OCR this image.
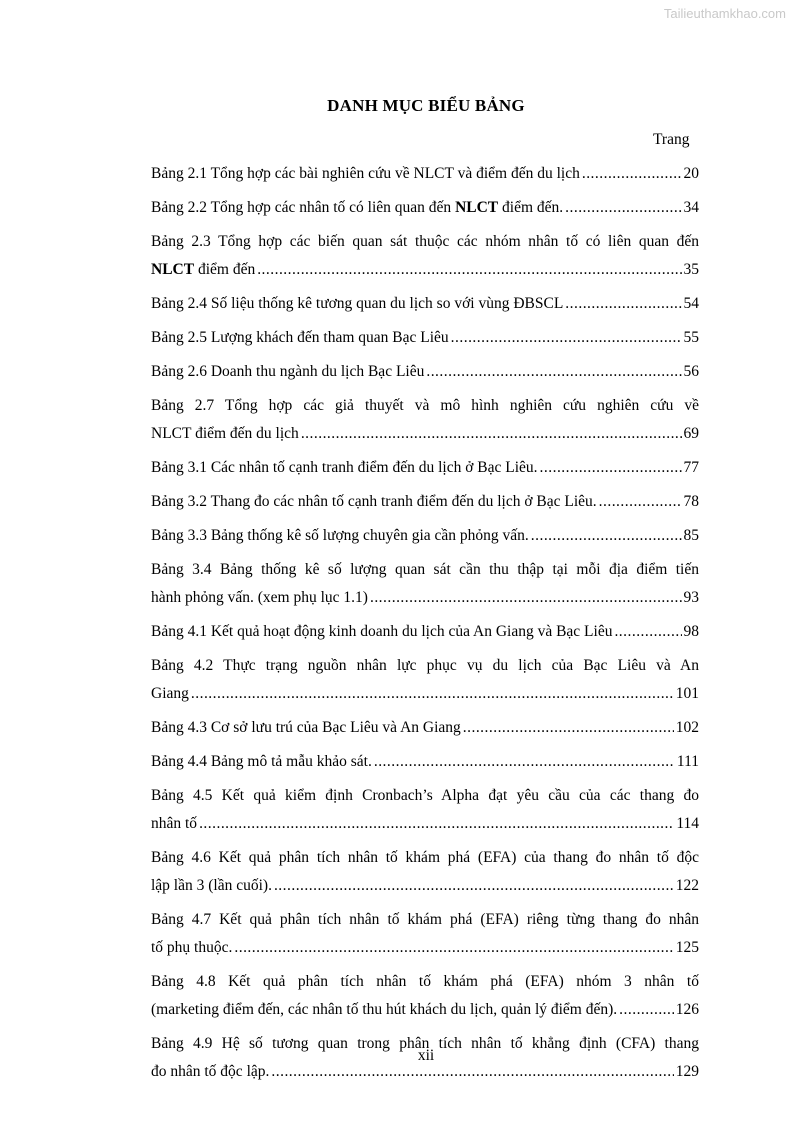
Tailieuthamkhao.com
DANH MỤC BIỂU BẢNG
Trang
Bảng 2.1 Tổng hợp các bài nghiên cứu về NLCT và điểm đến du lịch . . .	20
Bảng 2.2 Tổng hợp các nhân tố có liên quan đến NLCT điểm đến. . . .	34
Bảng 2.3 Tổng hợp các biến quan sát thuộc các nhóm nhân tố có liên quan đến
NLCT điểm đến . . .	35
Bảng 2.4 Số liệu thống kê tương quan du lịch so với vùng ĐBSCL . . .	54
Bảng 2.5 Lượng khách đến tham quan Bạc Liêu . . .	55
Bảng 2.6 Doanh thu ngành du lịch Bạc Liêu . . .	56
Bảng 2.7 Tổng hợp các giả thuyết và mô hình nghiên cứu nghiên cứu về
NLCT điểm đến du lịch . . .	69
Bảng 3.1 Các nhân tố cạnh tranh điểm đến du lịch ở Bạc Liêu. . . .	77
Bảng 3.2 Thang đo các nhân tố cạnh tranh điểm đến du lịch ở Bạc Liêu. . . .	78
Bảng 3.3 Bảng thống kê số lượng chuyên gia cần phỏng vấn. . . .	85
Bảng 3.4 Bảng thống kê số lượng quan sát cần thu thập tại mỗi địa điểm tiến
hành phỏng vấn. (xem phụ lục 1.1) . . .	93
Bảng 4.1 Kết quả hoạt động kinh doanh du lịch của An Giang và Bạc Liêu . . .	98
Bảng 4.2 Thực trạng nguồn nhân lực phục vụ du lịch của Bạc Liêu và An
Giang . . .	101
Bảng 4.3 Cơ sở lưu trú của Bạc Liêu và An Giang . . .	102
Bảng 4.4 Bảng mô tả mẫu khảo sát. . . .	111
Bảng 4.5 Kết quả kiểm định Cronbach’s Alpha đạt yêu cầu của các thang đo
nhân tố . . .	114
Bảng 4.6 Kết quả phân tích nhân tố khám phá (EFA) của thang đo nhân tố độc
lập lần 3 (lần cuối). . . .	122
Bảng 4.7 Kết quả phân tích nhân tố khám phá (EFA) riêng từng thang đo nhân
tố phụ thuộc. . . .	125
Bảng 4.8 Kết quả phân tích nhân tố khám phá (EFA) nhóm 3 nhân tố
(marketing điểm đến, các nhân tố thu hút khách du lịch, quản lý điểm đến). . . .	126
Bảng 4.9 Hệ số tương quan trong phân tích nhân tố khẳng định (CFA) thang
đo nhân tố độc lập. . . .	129
xii
